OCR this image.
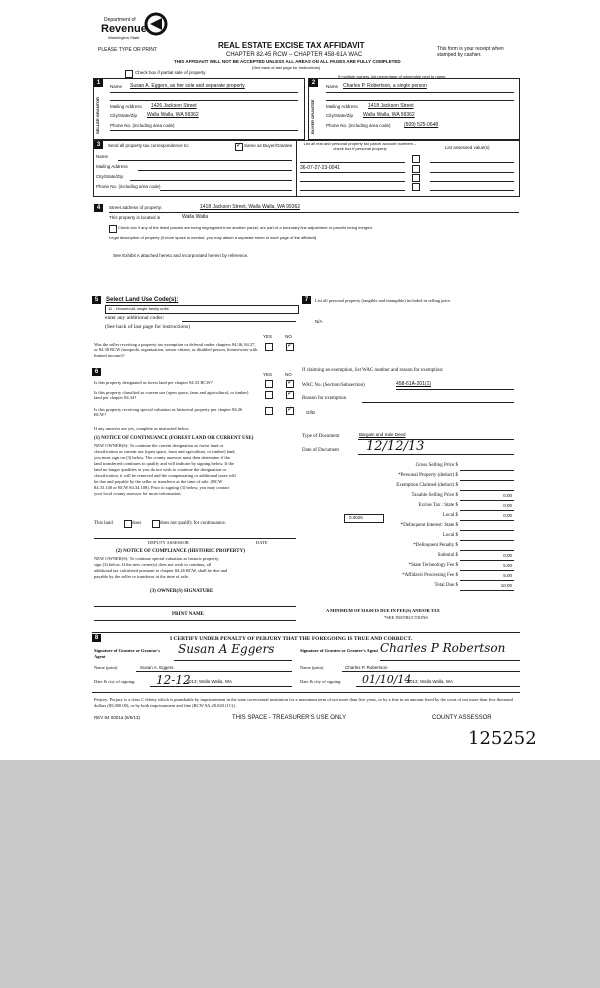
Department of
Revenue
Washington State
PLEASE TYPE OR PRINT	REAL ESTATE EXCISE TAX AFFIDAVIT
CHAPTER 82.45 RCW – CHAPTER 458-61A WAC
THIS AFFIDAVIT WILL NOT BE ACCEPTED UNLESS ALL AREAS ON ALL PAGES ARE FULLY COMPLETED
(See back of last page for instructions)
This form is your receipt when stamped by cashier.
Check box if partial sale of property
If multiple owners, list percentage of ownership next to name.
1
SELLER GRANTOR
Name Susan A. Eggers, as her sole and separate property
Mailing Address 1426 Jackson Street
City/State/Zip Walla Walla, WA 99362
Phone No. (including area code)
2
BUYER GRANTEE
Name Charles P. Robertson, a single person
Mailing Address 1418 Jackson Street
City/State/Zip Walla Walla, WA 99362
Phone No. (including area code)	(509) 525-0648
3	Send all property tax correspondence to:
✓	Same as Buyer/Grantee
Name
Mailing Address
City/State/Zip
Phone No. (including area code)
List all real and personal property tax parcel account numbers – check box if personal property	List assessed value(s)
36-07-27-23-0041
4	Street address of property:	1418 Jackson Street, Walla Walla, WA 99362
This property is located in	Walla Walla
Check box if any of the listed parcels are being segregated from another parcel, are part of a boundary line adjustment or parcels being merged.
Legal description of property (if more space is needed, you may attach a separate sheet to each page of the affidavit)
See Exhibit A attached hereto and incorporated herein by reference.
5	Select Land Use Code(s):
11 - Household, single family units
enter any additional codes:
(See back of last page for instructions)
YES	NO
Was the seller receiving a property tax exemption or deferral under chapters 84.36, 84.37, or 84.38 RCW (nonprofit organization, senior citizen, or disabled person, homeowner with limited income)?
✓
6	YES	NO
Is this property designated as forest land per chapter 84.33 RCW?
✓
Is this property classified as current use (open space, farm and agricultural, or timber) land per chapter 84.34?
✓
Is this property receiving special valuation as historical property per chapter 84.26 RCW?
✓
If any answers are yes, complete as instructed below.
(1) NOTICE OF CONTINUANCE (FOREST LAND OR CURRENT USE)
NEW OWNER(S): To continue the current designation as forest land or
classification as current use (open space, farm and agriculture, or timber) land,
you must sign on (3) below. The county assessor must then determine if the
land transferred continues to qualify and will indicate by signing below. If the
land no longer qualifies or you do not wish to continue the designation or
classification, it will be removed and the compensating or additional taxes will
be due and payable by the seller or transferor at the time of sale. (RCW
84.33.140 or RCW 84.34.108). Prior to signing (3) below, you may contact
your local county assessor for more information.
This land	does	does not qualify for continuance.
DEPUTY ASSESSOR	DATE
(2) NOTICE OF COMPLIANCE (HISTORIC PROPERTY)
NEW OWNER(S): To continue special valuation as historic property,
sign (3) below. If the new owner(s) does not wish to continue, all
additional tax calculated pursuant to chapter 84.26 RCW, shall be due and
payable by the seller or transferor at the time of sale.
(3) OWNER(S) SIGNATURE
PRINT NAME
7	List all personal property (tangible and intangible) included in selling price.
N/A
If claiming an exemption, list WAC number and reason for exemption:
WAC No. (Section/Subsection)	458-61A-201(1)
Reason for exemption
Gifts
Type of Document	Bargain and Sale Deed
Date of Document 12/12/13
Gross Selling Price $
*Personal Property (deduct) $
Exemption Claimed (deduct) $
Taxable Selling Price $	0.00
Excise Tax : State $	0.00
Local $	0.00
*Delinquent Interest: State $
Local $
*Delinquent Penalty $
Subtotal $	0.00
*State Technology Fee $	5.00
*Affidavit Processing Fee $	5.00
Total Due $	10.00
0.0025
A MINIMUM OF $10.00 IS DUE IN FEE(S) AND/OR TAX
*SEE INSTRUCTIONS
8	I CERTIFY UNDER PENALTY OF PERJURY THAT THE FOREGOING IS TRUE AND CORRECT.
Signature of Grantor or Grantor's Agent
Susan A Eggers
Name (print)	Susan A. Eggers
Date & city of signing: 12-12
, 2013; Walla Walla, WA
Signature of Grantee or Grantee's Agent Charles P Robertson
Name (print)	Charles P. Robertson
Date & city of signing: 01/10/14
, 2013; Walla Walla, WA
Perjury: Perjury is a class C felony which is punishable by imprisonment in the state correctional institution for a maximum term of not more than five years, or by a fine in an amount fixed by the court of not more than five thousand dollars ($5,000.00), or by both imprisonment and fine (RCW 9A.20.020 (1C)).
REV 84 0001a (6/5/13)	THIS SPACE - TREASURER'S USE ONLY	COUNTY ASSESSOR
125252
